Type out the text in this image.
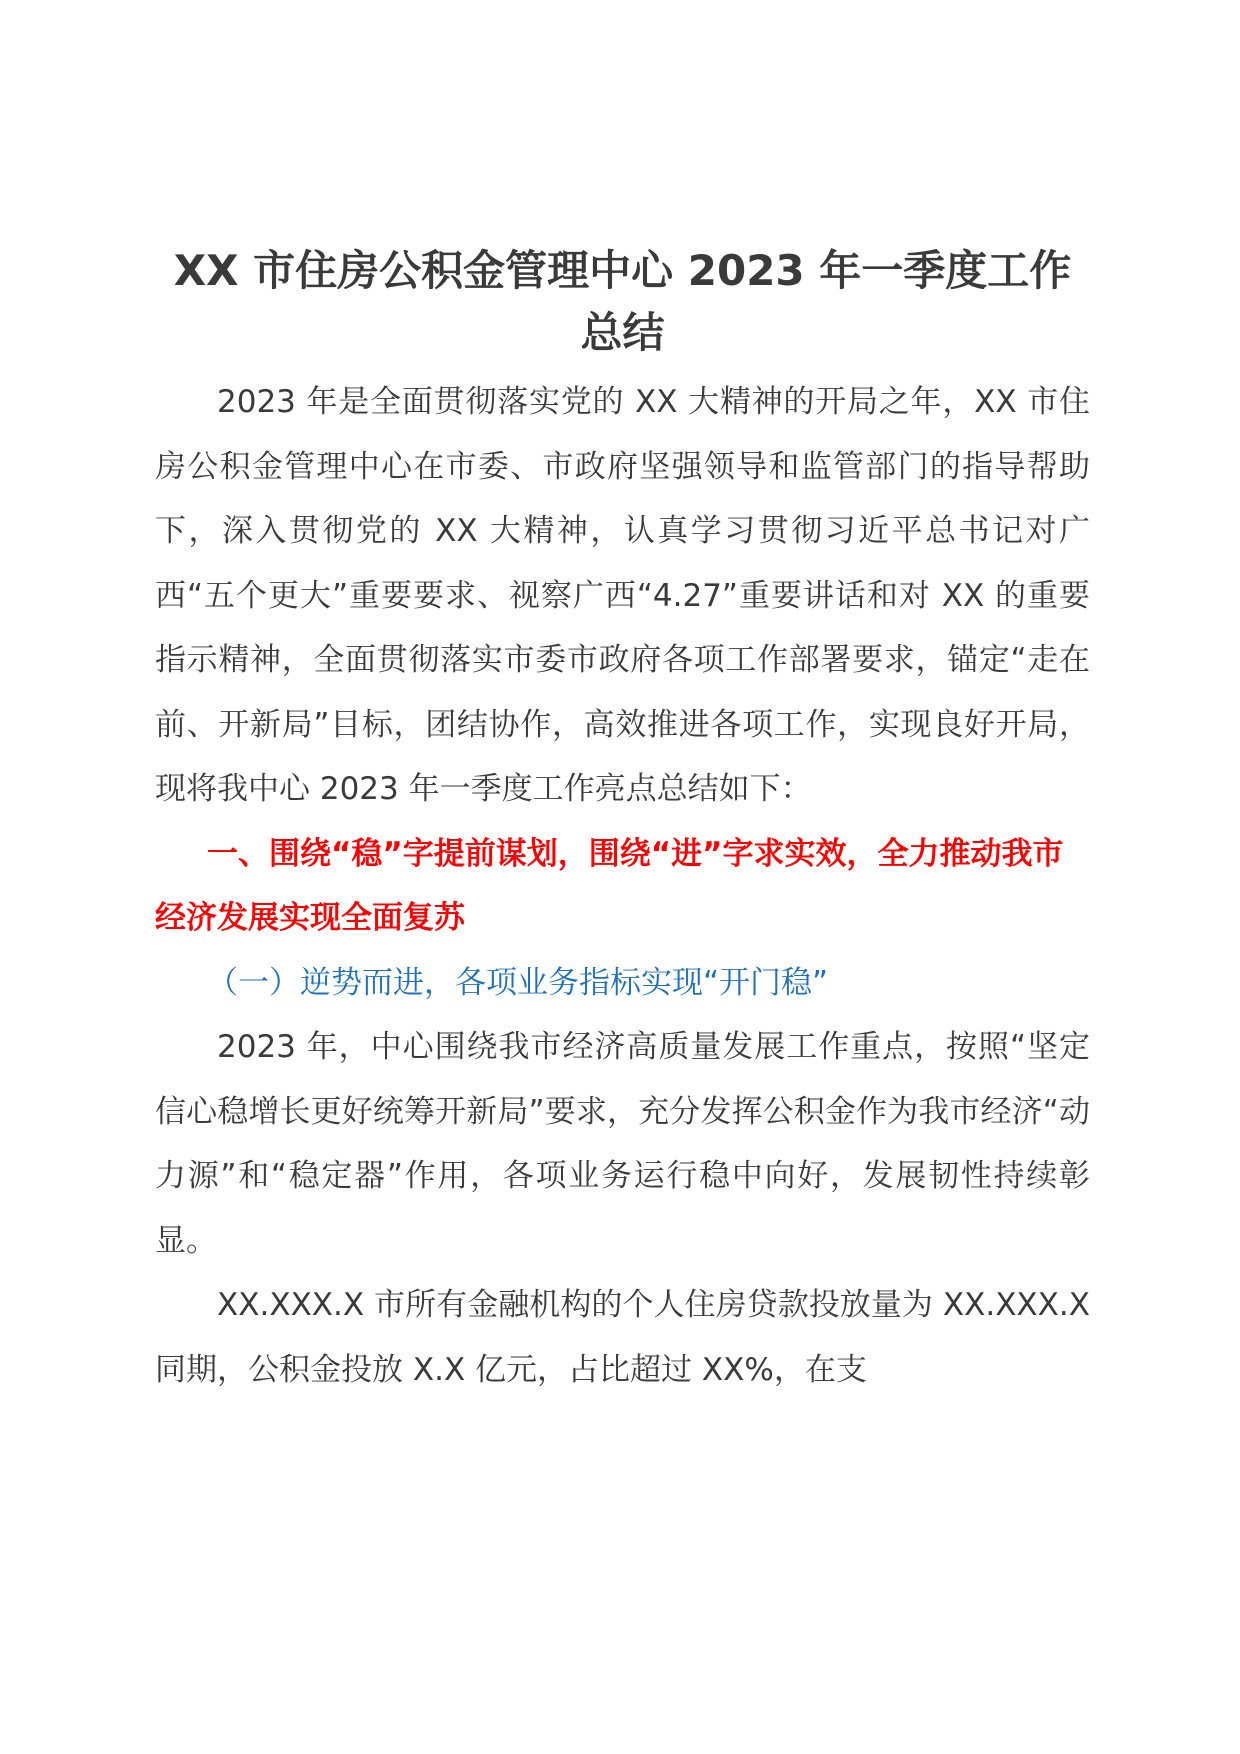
XX 市住房公积金管理中心 2023 年一季度工作总结

2023 年是全面贯彻落实党的 XX 大精神的开局之年，XX 市住房公积金管理中心在市委、市政府坚强领导和监管部门的指导帮助下，深入贯彻党的 XX 大精神，认真学习贯彻习近平总书记对广西“五个更大”重要要求、视察广西“4.27”重要讲话和对 XX 的重要指示精神，全面贯彻落实市委市政府各项工作部署要求，锚定“走在前、开新局”目标，团结协作，高效推进各项工作，实现良好开局，现将我中心 2023 年一季度工作亮点总结如下：

一、围绕“稳”字提前谋划，围绕“进”字求实效，全力推动我市经济发展实现全面复苏

（一）逆势而进，各项业务指标实现“开门稳”

2023 年，中心围绕我市经济高质量发展工作重点，按照“坚定信心稳增长更好统筹开新局”要求，充分发挥公积金作为我市经济“动力源”和“稳定器”作用，各项业务运行稳中向好，发展韧性持续彰显。

XX.XXX.X 市所有金融机构的个人住房贷款投放量为 XX.XXX.X 同期，公积金投放 X.X 亿元，占比超过 XX%，在支
